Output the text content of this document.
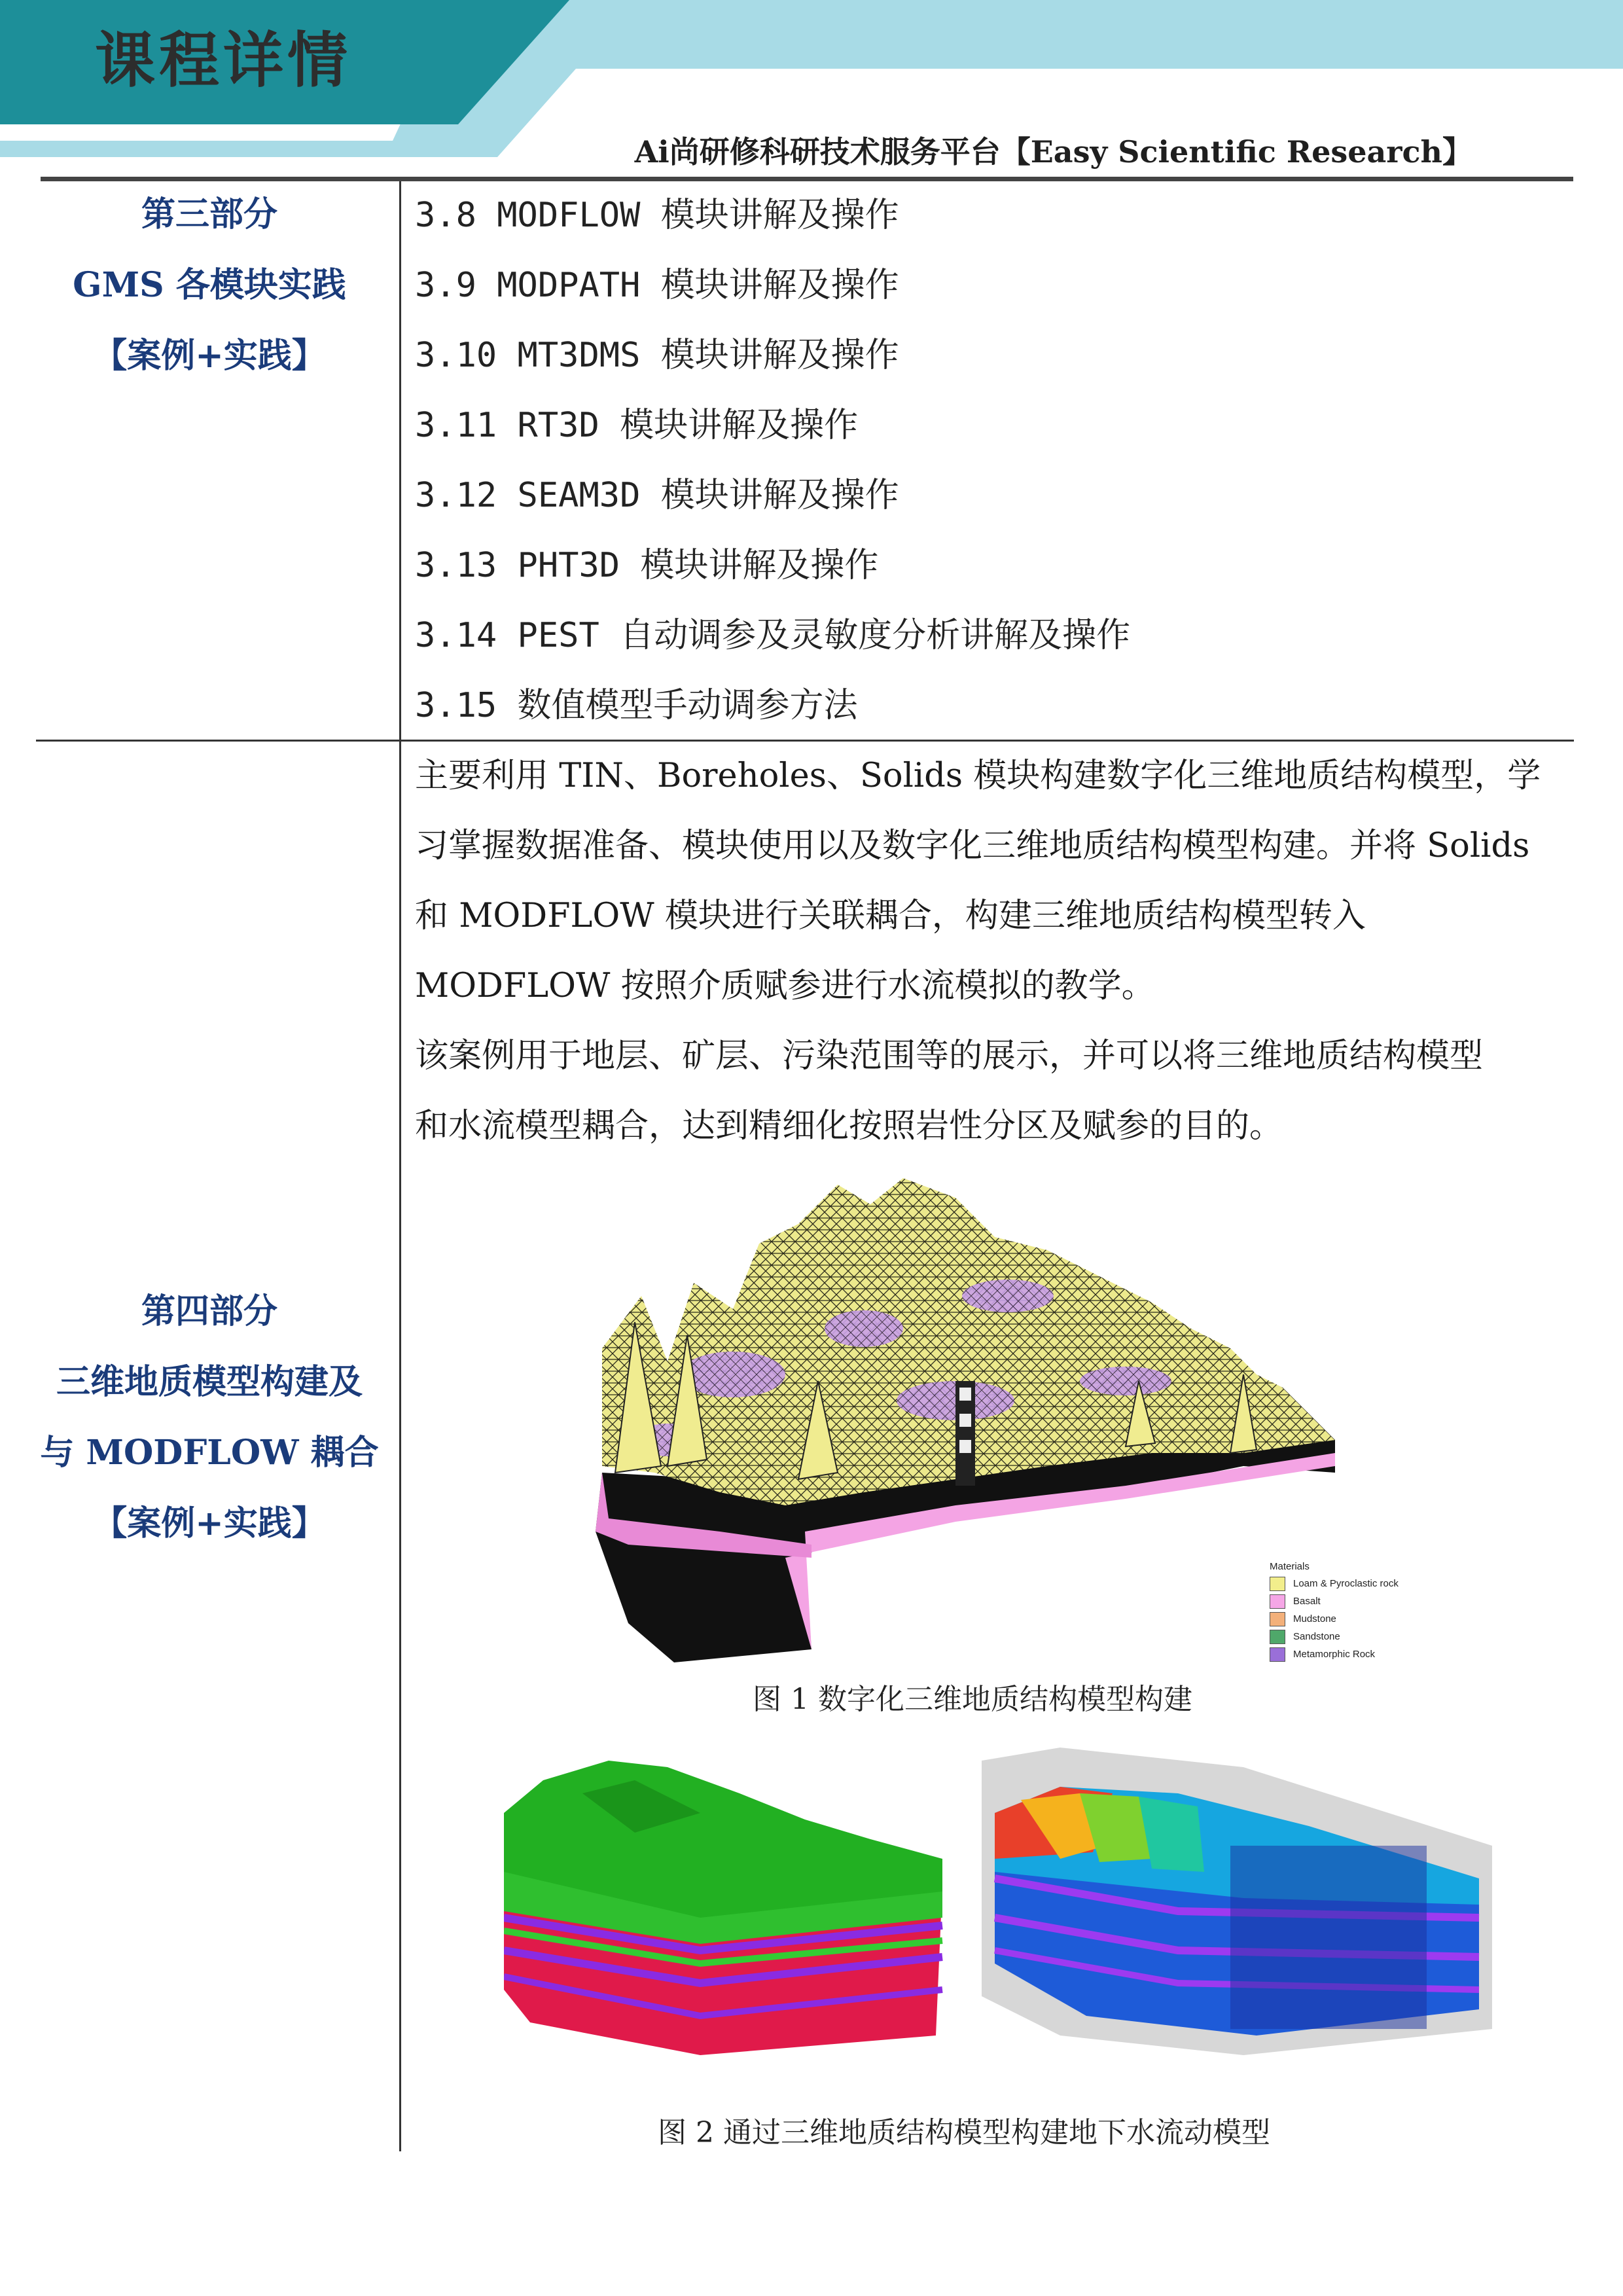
课程详情
Ai尚研修科研技术服务平台【Easy Scientific Research】
第三部分
GMS 各模块实践
【案例+实践】
3.8 MODFLOW 模块讲解及操作
3.9 MODPATH 模块讲解及操作
3.10 MT3DMS 模块讲解及操作
3.11 RT3D 模块讲解及操作
3.12 SEAM3D 模块讲解及操作
3.13 PHT3D 模块讲解及操作
3.14 PEST 自动调参及灵敏度分析讲解及操作
3.15 数值模型手动调参方法
第四部分
三维地质模型构建及
与 MODFLOW 耦合
【案例+实践】

主要利用 TIN、Boreholes、Solids 模块构建数字化三维地质结构模型，学

习掌握数据准备、模块使用以及数字化三维地质结构模型构建。并将 Solids

和 MODFLOW 模块进行关联耦合，构建三维地质结构模型转入

MODFLOW 按照介质赋参进行水流模拟的教学。

该案例用于地层、矿层、污染范围等的展示，并可以将三维地质结构模型

和水流模型耦合，达到精细化按照岩性分区及赋参的目的。

Materials
Loam & Pyroclastic rock
Basalt
Mudstone
Sandstone
Metamorphic Rock
图 1 数字化三维地质结构模型构建
图 2 通过三维地质结构模型构建地下水流动模型
